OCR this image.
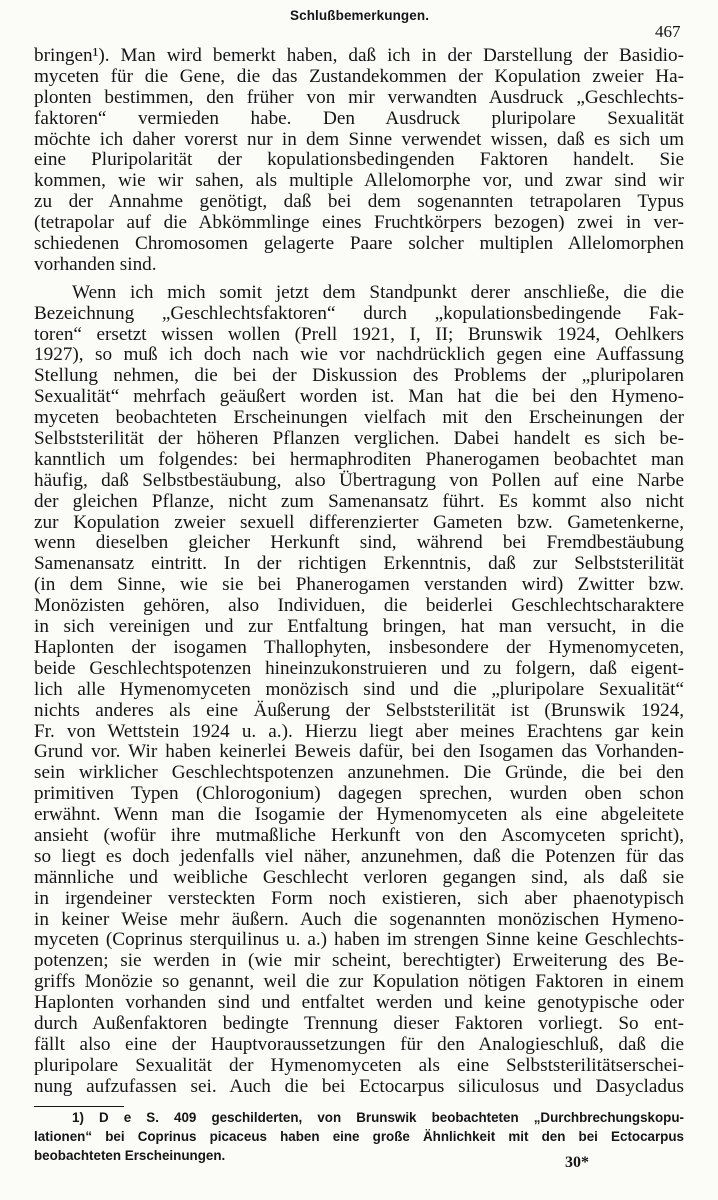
Schlußbemerkungen.
467
bringen¹). Man wird bemerkt haben, daß ich in der Darstellung der Basidio-
myceten für die Gene, die das Zustandekommen der Kopulation zweier Ha-
plonten bestimmen, den früher von mir verwandten Ausdruck „Geschlechts-
faktoren“ vermieden habe. Den Ausdruck pluripolare Sexualität
möchte ich daher vorerst nur in dem Sinne verwendet wissen, daß es sich um
eine Pluripolarität der kopulationsbedingenden Faktoren handelt. Sie
kommen, wie wir sahen, als multiple Allelomorphe vor, und zwar sind wir
zu der Annahme genötigt, daß bei dem sogenannten tetrapolaren Typus
(tetrapolar auf die Abkömmlinge eines Fruchtkörpers bezogen) zwei in ver-
schiedenen Chromosomen gelagerte Paare solcher multiplen Allelomorphen
vorhanden sind.
Wenn ich mich somit jetzt dem Standpunkt derer anschließe, die die
Bezeichnung „Geschlechtsfaktoren“ durch „kopulationsbedingende Fak-
toren“ ersetzt wissen wollen (Prell 1921, I, II; Brunswik 1924, Oehlkers
1927), so muß ich doch nach wie vor nachdrücklich gegen eine Auffassung
Stellung nehmen, die bei der Diskussion des Problems der „pluripolaren
Sexualität“ mehrfach geäußert worden ist. Man hat die bei den Hymeno-
myceten beobachteten Erscheinungen vielfach mit den Erscheinungen der
Selbststerilität der höheren Pflanzen verglichen. Dabei handelt es sich be-
kanntlich um folgendes: bei hermaphroditen Phanerogamen beobachtet man
häufig, daß Selbstbestäubung, also Übertragung von Pollen auf eine Narbe
der gleichen Pflanze, nicht zum Samenansatz führt. Es kommt also nicht
zur Kopulation zweier sexuell differenzierter Gameten bzw. Gametenkerne,
wenn dieselben gleicher Herkunft sind, während bei Fremdbestäubung
Samenansatz eintritt. In der richtigen Erkenntnis, daß zur Selbststerilität
(in dem Sinne, wie sie bei Phanerogamen verstanden wird) Zwitter bzw.
Monözisten gehören, also Individuen, die beiderlei Geschlechtscharaktere
in sich vereinigen und zur Entfaltung bringen, hat man versucht, in die
Haplonten der isogamen Thallophyten, insbesondere der Hymenomyceten,
beide Geschlechtspotenzen hineinzukonstruieren und zu folgern, daß eigent-
lich alle Hymenomyceten monözisch sind und die „pluripolare Sexualität“
nichts anderes als eine Äußerung der Selbststerilität ist (Brunswik 1924,
Fr. von Wettstein 1924 u. a.). Hierzu liegt aber meines Erachtens gar kein
Grund vor. Wir haben keinerlei Beweis dafür, bei den Isogamen das Vorhanden-
sein wirklicher Geschlechtspotenzen anzunehmen. Die Gründe, die bei den
primitiven Typen (Chlorogonium) dagegen sprechen, wurden oben schon
erwähnt. Wenn man die Isogamie der Hymenomyceten als eine abgeleitete
ansieht (wofür ihre mutmaßliche Herkunft von den Ascomyceten spricht),
so liegt es doch jedenfalls viel näher, anzunehmen, daß die Potenzen für das
männliche und weibliche Geschlecht verloren gegangen sind, als daß sie
in irgendeiner versteckten Form noch existieren, sich aber phaenotypisch
in keiner Weise mehr äußern. Auch die sogenannten monözischen Hymeno-
myceten (Coprinus sterquilinus u. a.) haben im strengen Sinne keine Geschlechts-
potenzen; sie werden in (wie mir scheint, berechtigter) Erweiterung des Be-
griffs Monözie so genannt, weil die zur Kopulation nötigen Faktoren in einem
Haplonten vorhanden sind und entfaltet werden und keine genotypische oder
durch Außenfaktoren bedingte Trennung dieser Faktoren vorliegt. So ent-
fällt also eine der Hauptvoraussetzungen für den Analogieschluß, daß die
pluripolare Sexualität der Hymenomyceten als eine Selbststerilitätserschei-
nung aufzufassen sei. Auch die bei Ectocarpus siliculosus und Dasycladus
1) D e S. 409 geschilderten, von Brunswik beobachteten „Durchbrechungskopu-
lationen“ bei Coprinus picaceus haben eine große Ähnlichkeit mit den bei Ectocarpus
beobachteten Erscheinungen.	30*
